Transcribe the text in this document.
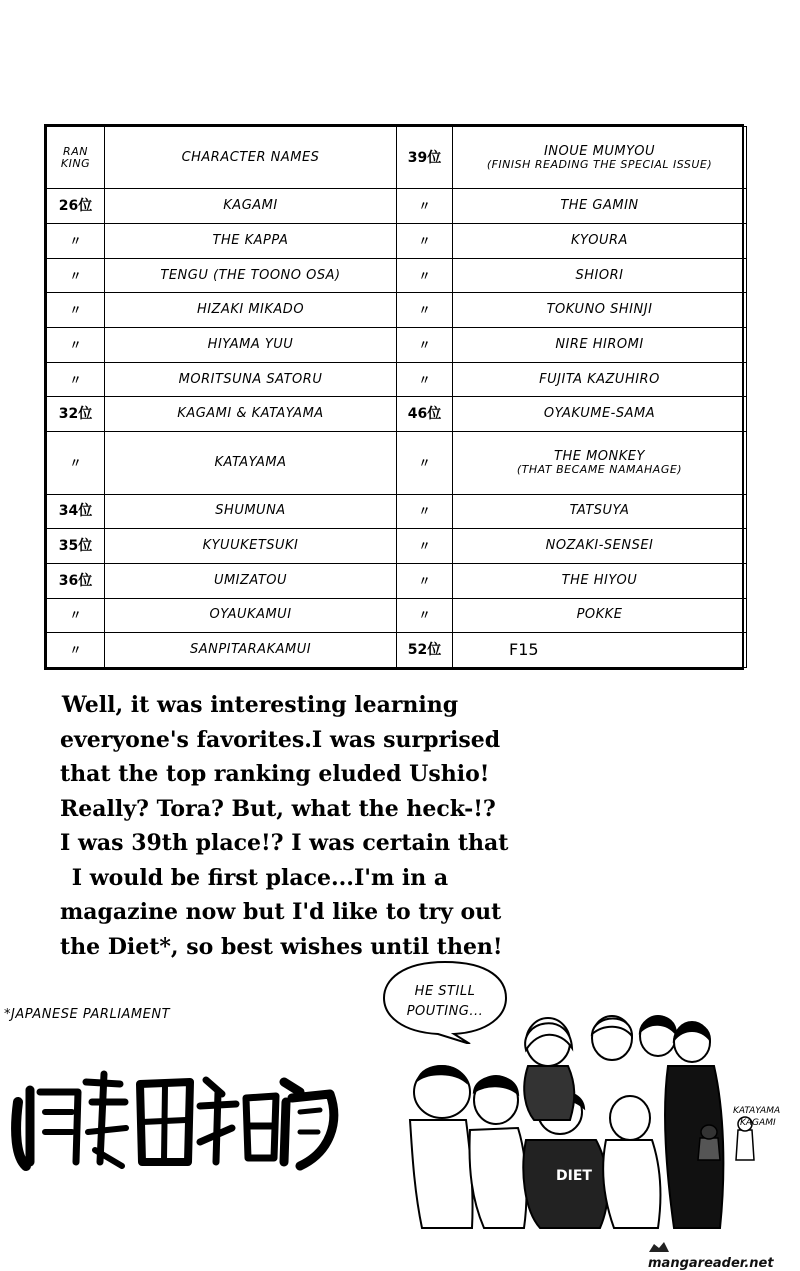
RAN
KING	CHARACTER NAMES	39位	INOUE MUMYOU
(FINISH READING THE SPECIAL ISSUE)

26位	KAGAMI	〃	THE GAMIN
〃	THE KAPPA	〃	KYOURA
〃	TENGU (THE TOONO OSA)	〃	SHIORI
〃	HIZAKI MIKADO	〃	TOKUNO SHINJI
〃	HIYAMA YUU	〃	NIRE HIROMI
〃	MORITSUNA SATORU	〃	FUJITA KAZUHIRO
32位	KAGAMI & KATAYAMA	46位	OYAKUME-SAMA
〃	KATAYAMA	〃	THE MONKEY
(THAT BECAME NAMAHAGE)

34位	SHUMUNA	〃	TATSUYA
35位	KYUUKETSUKI	〃	NOZAKI-SENSEI
36位	UMIZATOU	〃	THE HIYOU
〃	OYAUKAMUI	〃	POKKE
〃	SANPITARAKAMUI	52位	F15
Well, it was interesting learning
everyone's favorites.I was surprised
that the top ranking eluded Ushio!
Really? Tora? But, what the heck-!?
I was 39th place!? I was certain that
I would be first place...I'm in a
magazine now but I'd like to try out
the Diet*, so best wishes until then!
*JAPANESE PARLIAMENT
HE STILL
POUTING...
DIET
KATAYAMA
KAGAMI
mangareader.net
